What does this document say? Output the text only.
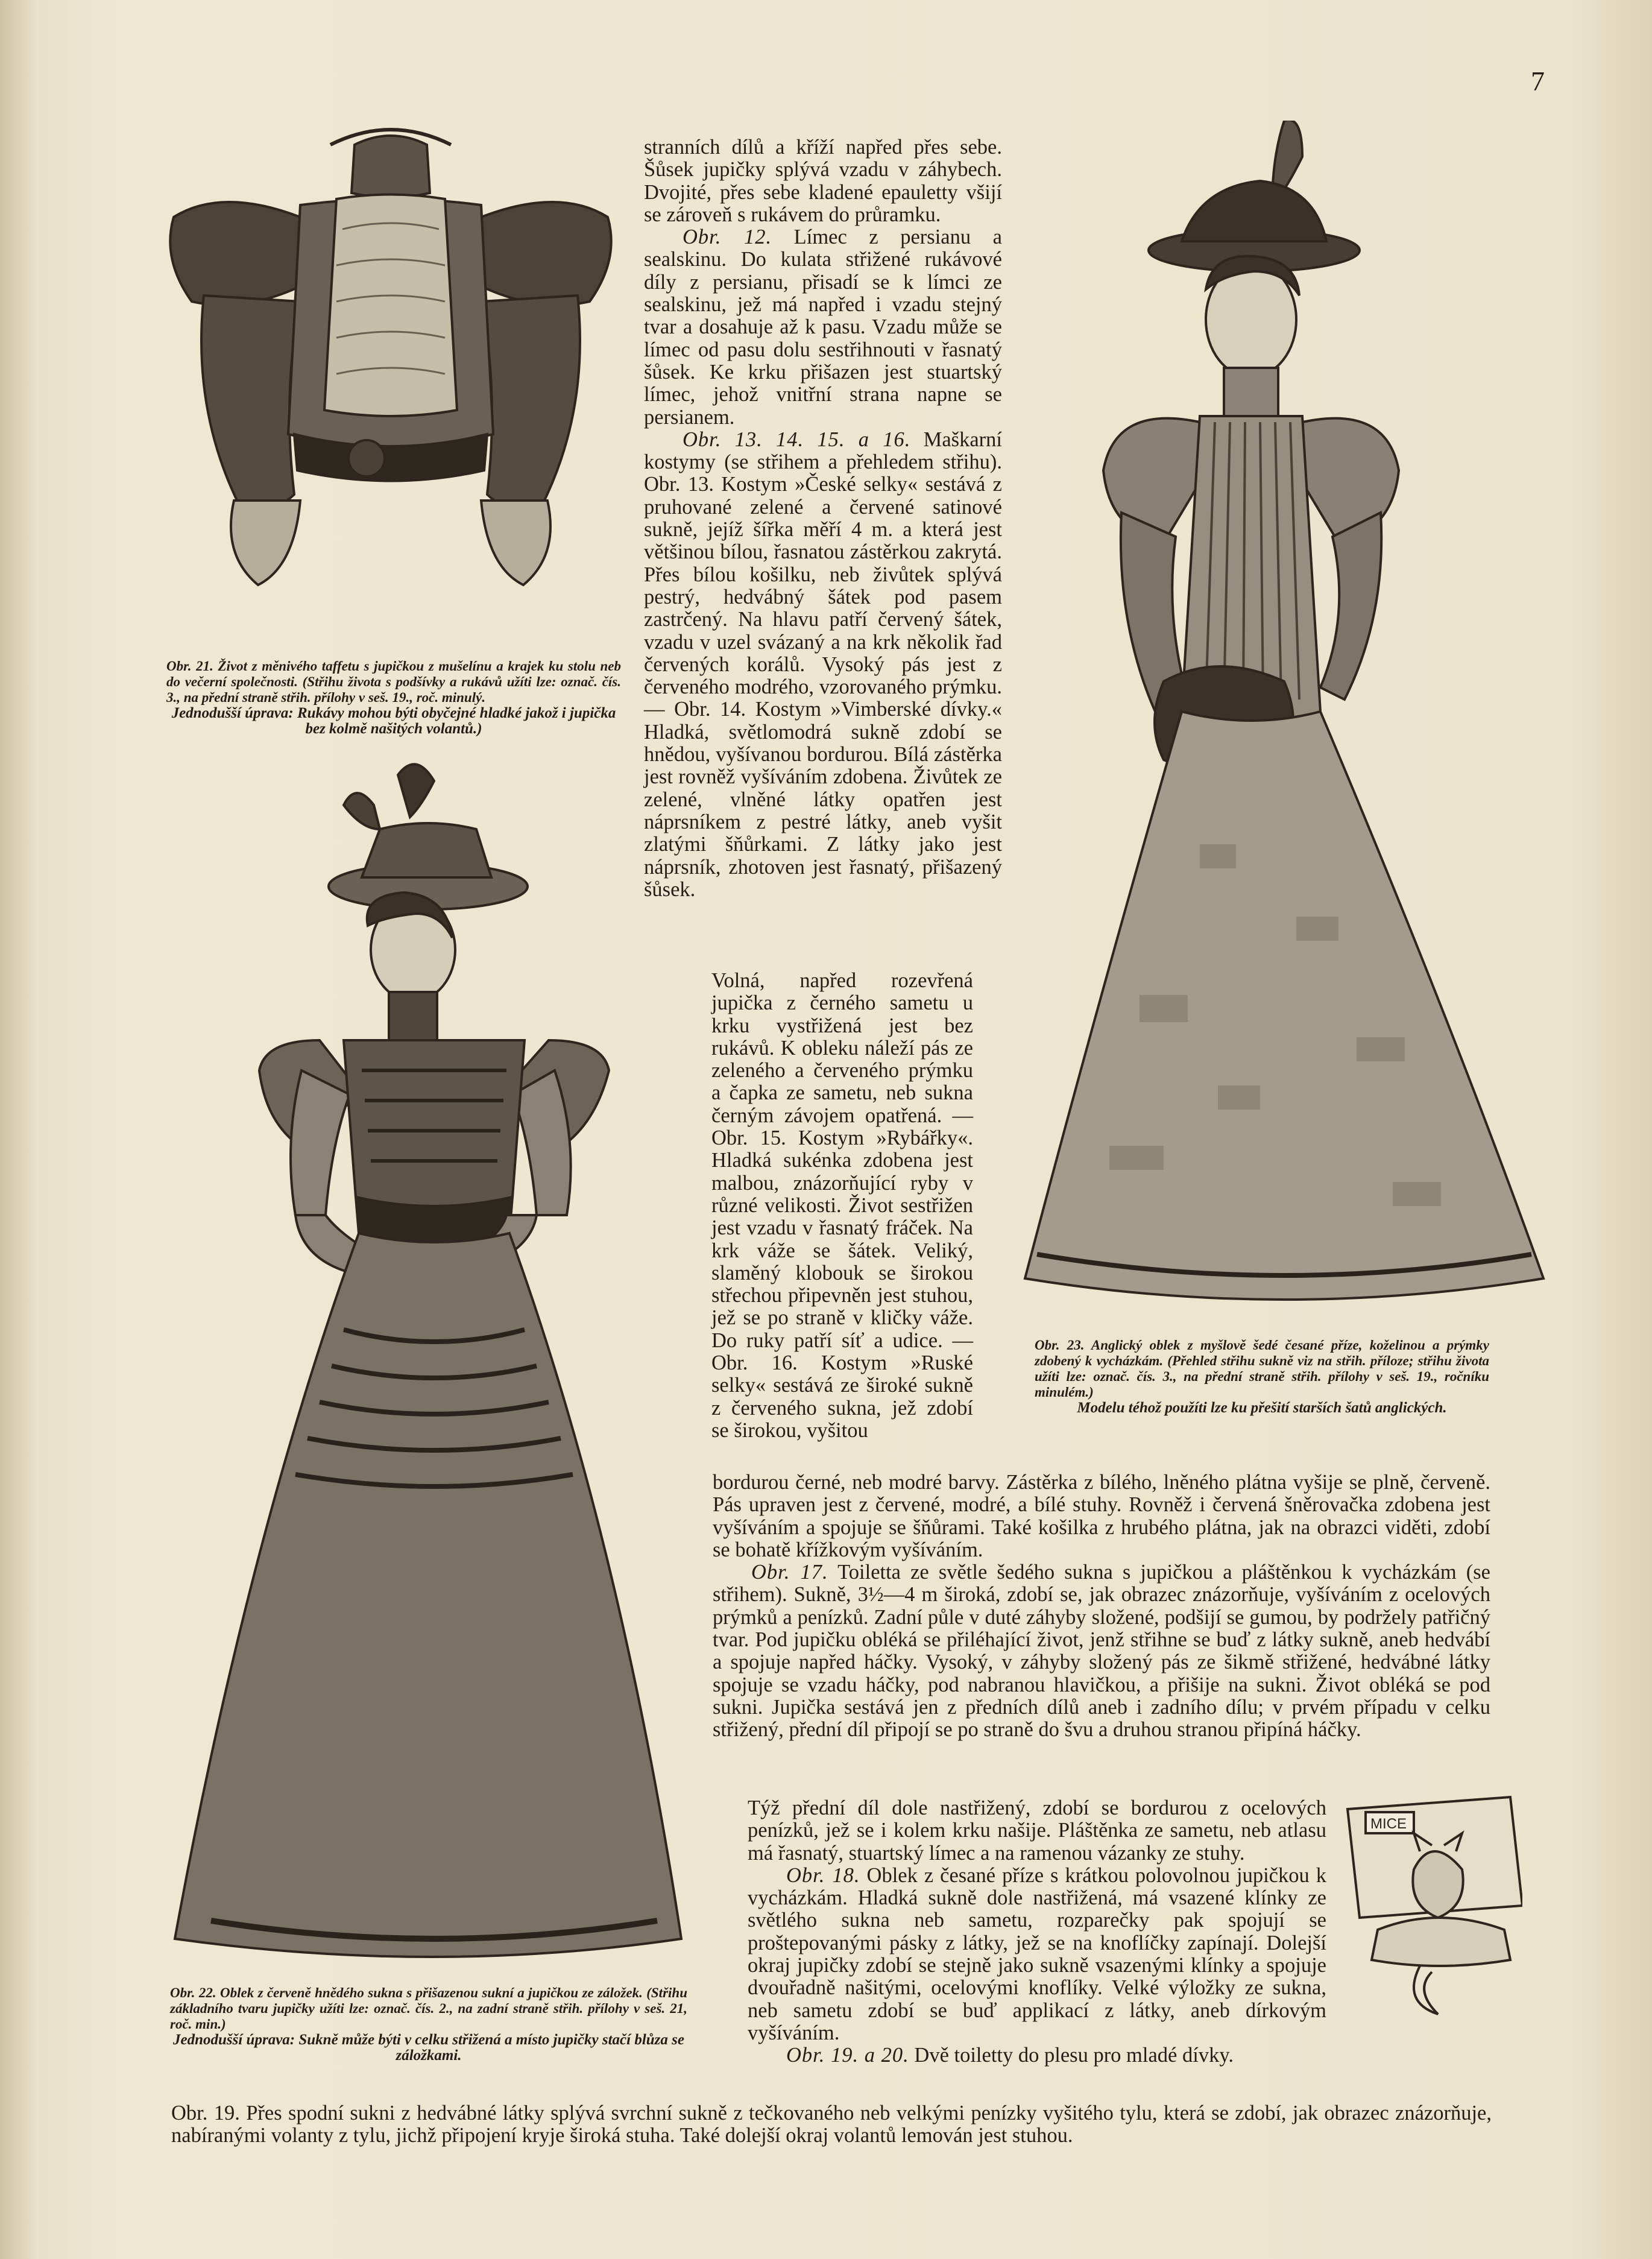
7
Obr. 21. Život z měnivého taffetu s jupičkou z mušelínu a krajek ku stolu neb do večerní společnosti. (Střihu života s podšívky a rukávů užíti lze: označ. čís. 3., na přední straně střih. přílohy v seš. 19., roč. minulý.
Jednodušší úprava: Rukávy mohou býti obyčejné hladké jakož i jupička bez kolmě našitých volantů.)
Obr. 22. Oblek z červeně hnědého sukna s přišazenou sukní a jupičkou ze záložek. (Střihu základního tvaru jupičky užíti lze: označ. čís. 2., na zadní straně střih. přílohy v seš. 21, roč. min.)
Jednodušší úprava: Sukně může býti v celku střižená a místo jupičky stačí blůza se záložkami.
Obr. 23. Anglický oblek z myšlově šedé česané příze, koželinou a prýmky zdobený k vycházkám. (Přehled střihu sukně viz na střih. příloze; střihu života užíti lze: označ. čís. 3., na přední straně střih. přílohy v seš. 19., ročníku minulém.)
Modelu téhož použíti lze ku přešití starších šatů anglických.
MICE

stranních dílů a kříží napřed přes sebe. Šůsek jupičky splývá vzadu v záhybech. Dvojité, přes sebe kladené epauletty všijí se zároveň s rukávem do průramku.

Obr. 12. Límec z persianu a sealskinu. Do kulata střižené rukávové díly z persianu, přisadí se k límci ze sealskinu, jež má napřed i vzadu stejný tvar a dosahuje až k pasu. Vzadu může se límec od pasu dolu sestřihnouti v řasnatý šůsek. Ke krku přišazen jest stuartský límec, jehož vnitřní strana napne se persianem.

Obr. 13. 14. 15. a 16. Maškarní kostymy (se střihem a přehledem střihu). Obr. 13. Kostym »České selky« sestává z pruhované zelené a červené satinové sukně, jejíž šířka měří 4 m. a která jest většinou bílou, řasnatou zástěrkou zakrytá. Přes bílou košilku, neb živůtek splývá pestrý, hedvábný šátek pod pasem zastrčený. Na hlavu patří červený šátek, vzadu v uzel svázaný a na krk několik řad červených korálů. Vysoký pás jest z červeného modrého, vzorovaného prýmku. — Obr. 14. Kostym »Vimberské dívky.« Hladká, světlomodrá sukně zdobí se hnědou, vyšívanou bordurou. Bílá zástěrka jest rovněž vyšíváním zdobena. Živůtek ze zelené, vlněné látky opatřen jest náprsníkem z pestré látky, aneb vyšit zlatými šňůrkami. Z látky jako jest náprsník, zhotoven jest řasnatý, přišazený šůsek.

Volná, napřed rozevřená jupička z černého sametu u krku vystřižená jest bez rukávů. K obleku náleží pás ze zeleného a červeného prýmku a čapka ze sametu, neb sukna černým závojem opatřená. — Obr. 15. Kostym »Rybářky«. Hladká sukénka zdobena jest malbou, znázorňující ryby v různé velikosti. Život sestřižen jest vzadu v řasnatý fráček. Na krk váže se šátek. Veliký, slaměný klobouk se širokou střechou připevněn jest stuhou, jež se po straně v kličky váže. Do ruky patří síť a udice. — Obr. 16. Kostym »Ruské selky« sestává ze široké sukně z červeného sukna, jež zdobí se širokou, vyšitou

bordurou černé, neb modré barvy. Zástěrka z bílého, lněného plátna vyšije se plně, červeně. Pás upraven jest z červené, modré, a bílé stuhy. Rovněž i červená šněrovačka zdobena jest vyšíváním a spojuje se šňůrami. Také košilka z hrubého plátna, jak na obrazci viděti, zdobí se bohatě křížkovým vyšíváním.

Obr. 17. Toiletta ze světle šedého sukna s jupičkou a pláštěnkou k vycházkám (se střihem). Sukně, 3½—4 m široká, zdobí se, jak obrazec znázorňuje, vyšíváním z ocelových prýmků a penízků. Zadní půle v duté záhyby složené, podšijí se gumou, by podržely patřičný tvar. Pod jupičku obléká se přiléhající život, jenž střihne se buď z látky sukně, aneb hedvábí a spojuje napřed háčky. Vysoký, v záhyby složený pás ze šikmě střižené, hedvábné látky spojuje se vzadu háčky, pod nabranou hlavičkou, a přišije na sukni. Život obléká se pod sukni. Jupička sestává jen z předních dílů aneb i zadního dílu; v prvém případu v celku střižený, přední díl připojí se po straně do švu a druhou stranou připíná háčky.

Týž přední díl dole nastřižený, zdobí se bordurou z ocelových penízků, jež se i kolem krku našije. Pláštěnka ze sametu, neb atlasu má řasnatý, stuartský límec a na ramenou vázanky ze stuhy.

Obr. 18. Oblek z česané příze s krátkou polovolnou jupičkou k vycházkám. Hladká sukně dole nastřižená, má vsazené klínky ze světlého sukna neb sametu, rozparečky pak spojují se proštepovanými pásky z látky, jež se na knoflíčky zapínají. Dolejší okraj jupičky zdobí se stejně jako sukně vsazenými klínky a spojuje dvouřadně našitými, ocelovými knoflíky. Velké výložky ze sukna, neb sametu zdobí se buď applikací z látky, aneb dírkovým vyšíváním.

Obr. 19. a 20. Dvě toiletty do plesu pro mladé dívky.

Obr. 19. Přes spodní sukni z hedvábné látky splývá svrchní sukně z tečkovaného neb velkými penízky vyšitého tylu, která se zdobí, jak obrazec znázorňuje, nabíranými volanty z tylu, jichž připojení kryje široká stuha. Také dolejší okraj volantů lemován jest stuhou.
